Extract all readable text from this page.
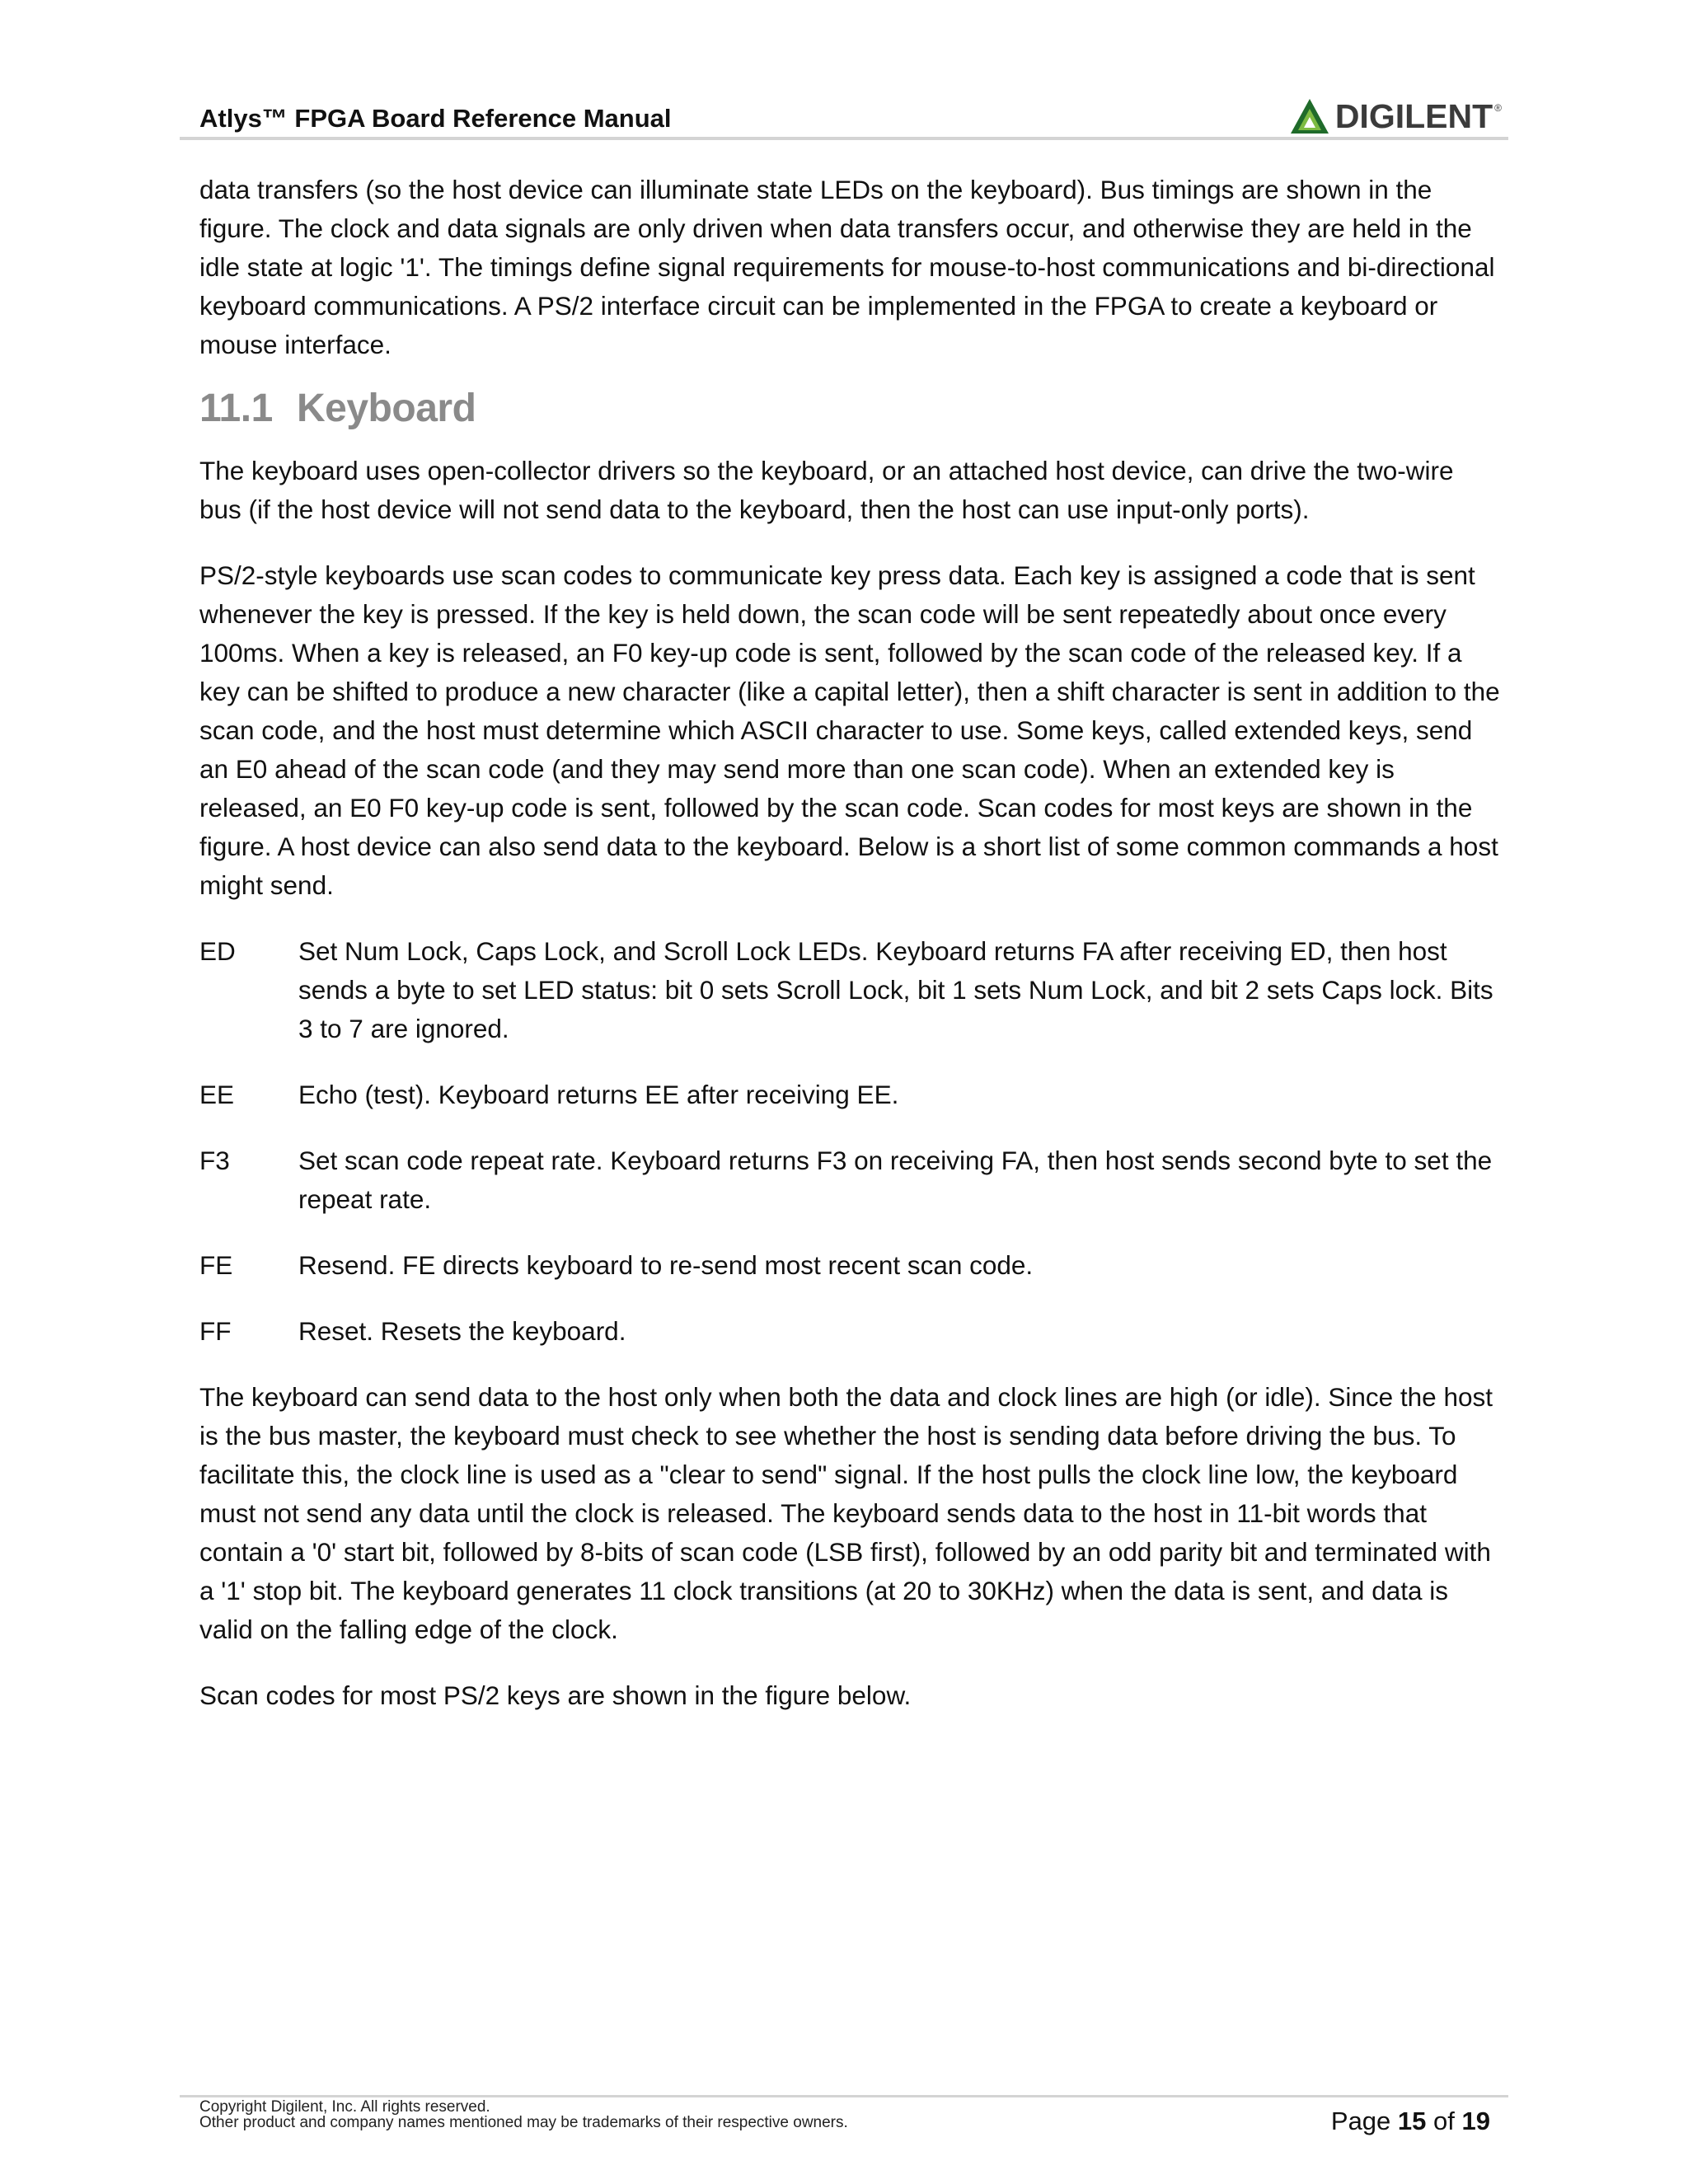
Atlys™ FPGA Board Reference Manual	DIGILENT ®

data transfers (so the host device can illuminate state LEDs on the keyboard). Bus timings are shown in the figure. The clock and data signals are only driven when data transfers occur, and otherwise they are held in the idle state at logic '1'. The timings define signal requirements for mouse-to-host communications and bi-directional keyboard communications. A PS/2 interface circuit can be implemented in the FPGA to create a keyboard or mouse interface.

11.1 Keyboard

The keyboard uses open-collector drivers so the keyboard, or an attached host device, can drive the two-wire bus (if the host device will not send data to the keyboard, then the host can use input-only ports).

PS/2-style keyboards use scan codes to communicate key press data. Each key is assigned a code that is sent whenever the key is pressed. If the key is held down, the scan code will be sent repeatedly about once every 100ms. When a key is released, an F0 key-up code is sent, followed by the scan code of the released key. If a key can be shifted to produce a new character (like a capital letter), then a shift character is sent in addition to the scan code, and the host must determine which ASCII character to use. Some keys, called extended keys, send an E0 ahead of the scan code (and they may send more than one scan code). When an extended key is released, an E0 F0 key-up code is sent, followed by the scan code. Scan codes for most keys are shown in the figure. A host device can also send data to the keyboard. Below is a short list of some common commands a host might send.

ED	Set Num Lock, Caps Lock, and Scroll Lock LEDs. Keyboard returns FA after receiving ED, then host sends a byte to set LED status: bit 0 sets Scroll Lock, bit 1 sets Num Lock, and bit 2 sets Caps lock. Bits 3 to 7 are ignored.
EE	Echo (test). Keyboard returns EE after receiving EE.
F3	Set scan code repeat rate. Keyboard returns F3 on receiving FA, then host sends second byte to set the repeat rate.
FE	Resend. FE directs keyboard to re-send most recent scan code.
FF	Reset. Resets the keyboard.

The keyboard can send data to the host only when both the data and clock lines are high (or idle). Since the host is the bus master, the keyboard must check to see whether the host is sending data before driving the bus. To facilitate this, the clock line is used as a "clear to send" signal. If the host pulls the clock line low, the keyboard must not send any data until the clock is released. The keyboard sends data to the host in 11-bit words that contain a '0' start bit, followed by 8-bits of scan code (LSB first), followed by an odd parity bit and terminated with a '1' stop bit. The keyboard generates 11 clock transitions (at 20 to 30KHz) when the data is sent, and data is valid on the falling edge of the clock.

Scan codes for most PS/2 keys are shown in the figure below.

Copyright Digilent, Inc. All rights reserved.
Other product and company names mentioned may be trademarks of their respective owners.	Page 15 of 19
